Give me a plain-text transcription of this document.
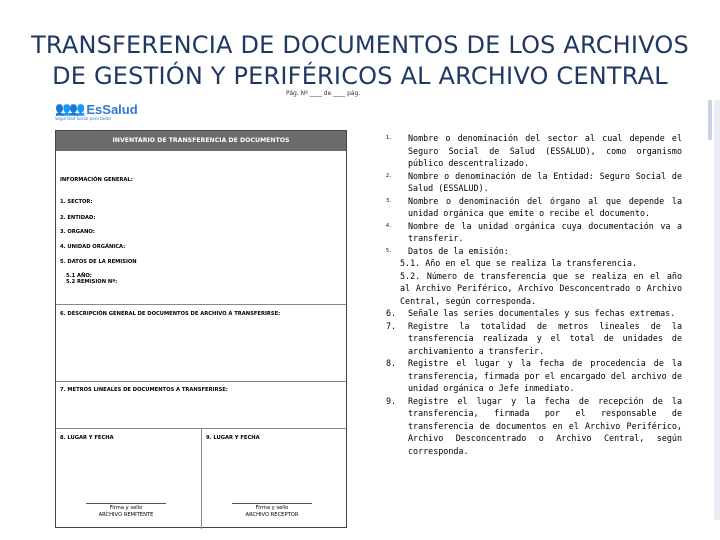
TRANSFERENCIA DE DOCUMENTOS DE LOS ARCHIVOS
DE GESTIÓN Y PERIFÉRICOS AL ARCHIVO CENTRAL
👥👥 EsSalud
Seguridad Social para todos
Pág. Nº ____ de ____ pág.
INVENTARIO DE TRANSFERENCIA DE DOCUMENTOS
INFORMACIÓN GENERAL:
1. SECTOR:
2. ENTIDAD:
3. ORGANO:
4. UNIDAD ORGÁNICA:
5. DATOS DE LA REMISION
5.1 AÑO:
5.2 REMISION Nº:
6. DESCRIPCIÓN GENERAL DE DOCUMENTOS DE ARCHIVO A TRANSFERIRSE:
7. METROS LINEALES DE DOCUMENTOS A TRANSFERIRSE:
8. LUGAR Y FECHA	9. LUGAR Y FECHA
Firma y sello
ARCHIVO REMITENTE
Firma y sello
ARCHIVO RECEPTOR
1.	Nombre o denominación del sector al cual depende el Seguro Social de Salud (ESSALUD), como organismo público descentralizado.
2.	Nombre o denominación de la Entidad: Seguro Social de Salud (ESSALUD).
3.	Nombre o denominación del órgano al que depende la unidad orgánica que emite o recibe el documento.
4.	Nombre de la unidad orgánica cuya documentación va a transferir.
5.	Datos de la emisión:
5.1. Año en el que se realiza la transferencia.
5.2. Número de transferencia que se realiza en el año al Archivo Periférico, Archivo Desconcentrado o Archivo Central, según corresponda.
6.	Señale las series documentales y sus fechas extremas.
7.	Registre la totalidad de metros lineales de la transferencia realizada y el total de unidades de archivamiento a transferir.
8.	Registre el lugar y la fecha de procedencia de la transferencia, firmada por el encargado del archivo de unidad orgánica o Jefe inmediato.
9.	Registre el lugar y la fecha de recepción de la transferencia, firmada por el responsable de transferencia de documentos en el Archivo Periférico, Archivo Desconcentrado o Archivo Central, según corresponda.
